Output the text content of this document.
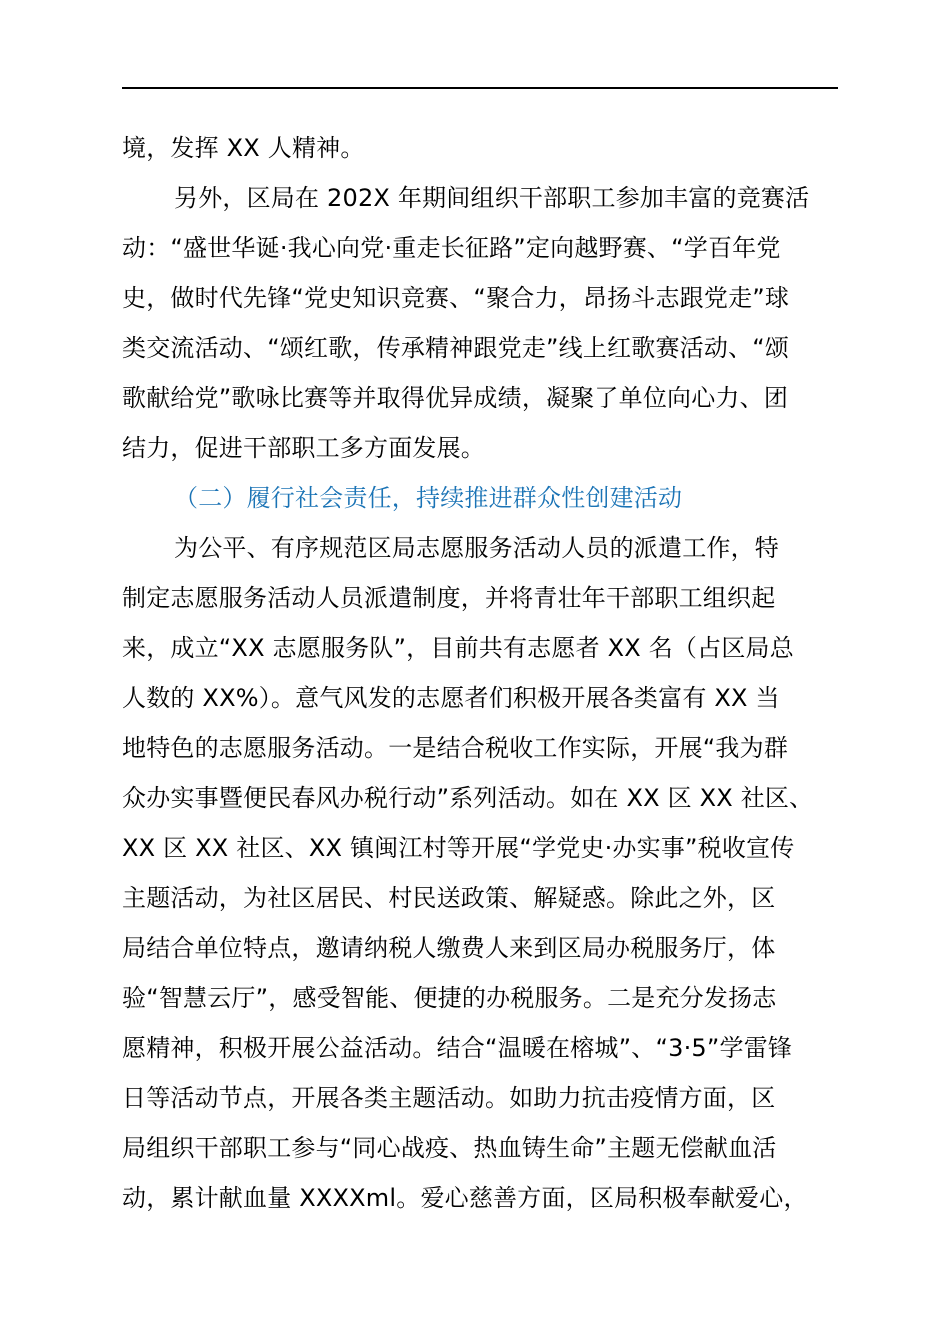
境，发挥 XX 人精神。
另外，区局在 202X 年期间组织干部职工参加丰富的竞赛活
动：“盛世华诞·我心向党·重走长征路”定向越野赛、“学百年党
史，做时代先锋“党史知识竞赛、“聚合力，昂扬斗志跟党走”球
类交流活动、“颂红歌，传承精神跟党走”线上红歌赛活动、“颂
歌献给党”歌咏比赛等并取得优异成绩，凝聚了单位向心力、团
结力，促进干部职工多方面发展。
（二）履行社会责任，持续推进群众性创建活动
为公平、有序规范区局志愿服务活动人员的派遣工作，特
制定志愿服务活动人员派遣制度，并将青壮年干部职工组织起
来，成立“XX 志愿服务队”，目前共有志愿者 XX 名（占区局总
人数的 XX%）。意气风发的志愿者们积极开展各类富有 XX 当
地特色的志愿服务活动。一是结合税收工作实际，开展“我为群
众办实事暨便民春风办税行动”系列活动。如在 XX 区 XX 社区、
XX 区 XX 社区、XX 镇闽江村等开展“学党史·办实事”税收宣传
主题活动，为社区居民、村民送政策、解疑惑。除此之外，区
局结合单位特点，邀请纳税人缴费人来到区局办税服务厅，体
验“智慧云厅”，感受智能、便捷的办税服务。二是充分发扬志
愿精神，积极开展公益活动。结合“温暖在榕城”、“3·5”学雷锋
日等活动节点，开展各类主题活动。如助力抗击疫情方面，区
局组织干部职工参与“同心战疫、热血铸生命”主题无偿献血活
动，累计献血量 XXXXml。爱心慈善方面，区局积极奉献爱心，
